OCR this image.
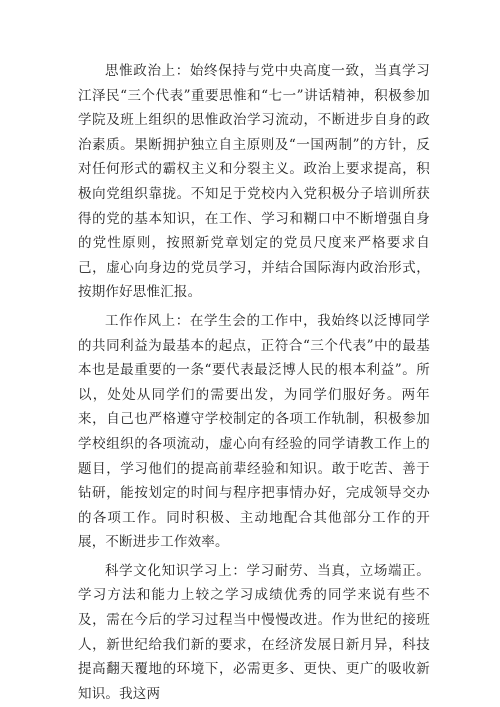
思惟政治上：始终保持与党中央高度一致，当真学习江泽民“三个代表”重要思惟和“七一”讲话精神，积极参加学院及班上组织的思惟政治学习流动，不断进步自身的政治素质。果断拥护独立自主原则及“一国两制”的方针，反对任何形式的霸权主义和分裂主义。政治上要求提高，积极向党组织靠拢。不知足于党校内入党积极分子培训所获得的党的基本知识，在工作、学习和糊口中不断增强自身的党性原则，按照新党章划定的党员尺度来严格要求自己，虚心向身边的党员学习，并结合国际海内政治形式，按期作好思惟汇报。

工作作风上：在学生会的工作中，我始终以泛博同学的共同利益为最基本的起点，正符合“三个代表”中的最基本也是最重要的一条“要代表最泛博人民的根本利益”。所以，处处从同学们的需要出发，为同学们服好务。两年来，自己也严格遵守学校制定的各项工作轨制，积极参加学校组织的各项流动，虚心向有经验的同学请教工作上的题目，学习他们的提高前辈经验和知识。敢于吃苦、善于钻研，能按划定的时间与程序把事情办好，完成领导交办的各项工作。同时积极、主动地配合其他部分工作的开展，不断进步工作效率。

科学文化知识学习上：学习耐劳、当真，立场端正。学习方法和能力上较之学习成绩优秀的同学来说有些不及，需在今后的学习过程当中慢慢改进。作为世纪的接班人，新世纪给我们新的要求，在经济发展日新月异，科技提高翻天覆地的环境下，必需更多、更快、更广的吸收新知识。我这两
